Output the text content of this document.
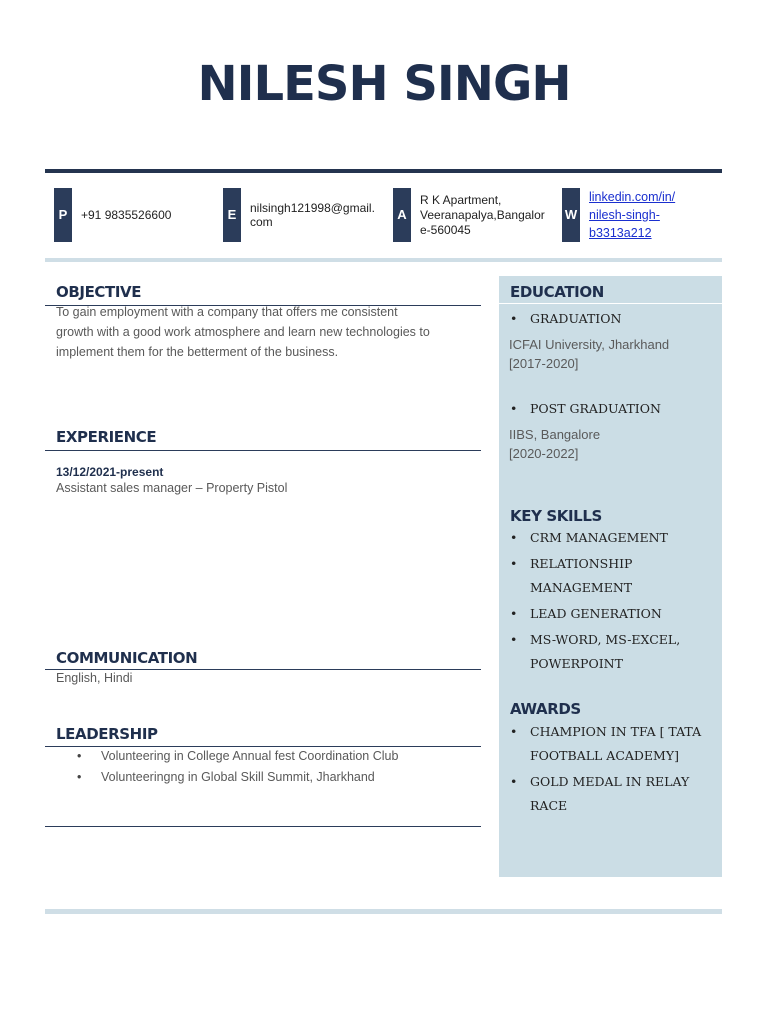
NILESH SINGH
P	+91 9835526600	E	nilsingh121998@gmail.
com	A
R K Apartment,
Veeranapalya,Bangalor
e-560045
W
linkedin.com/in/
nilesh-singh-
b3313a212
OBJECTIVE
To gain employment with a company that offers me consistent
growth with a good work atmosphere and learn new technologies to
implement them for the betterment of the business.
EXPERIENCE
13/12/2021-present
Assistant sales manager – Property Pistol
COMMUNICATION
English, Hindi
LEADERSHIP
• Volunteering in College Annual fest Coordination Club
• Volunteeringng in Global Skill Summit, Jharkhand
EDUCATION
• GRADUATION
ICFAI University, Jharkhand
[2017-2020]
• POST GRADUATION
IIBS, Bangalore
[2020-2022]
KEY SKILLS
• CRM MANAGEMENT
• RELATIONSHIP MANAGEMENT
• LEAD GENERATION
• MS-WORD, MS-EXCEL, POWERPOINT
AWARDS
• CHAMPION IN TFA [ TATA FOOTBALL ACADEMY]
• GOLD MEDAL IN RELAY RACE
